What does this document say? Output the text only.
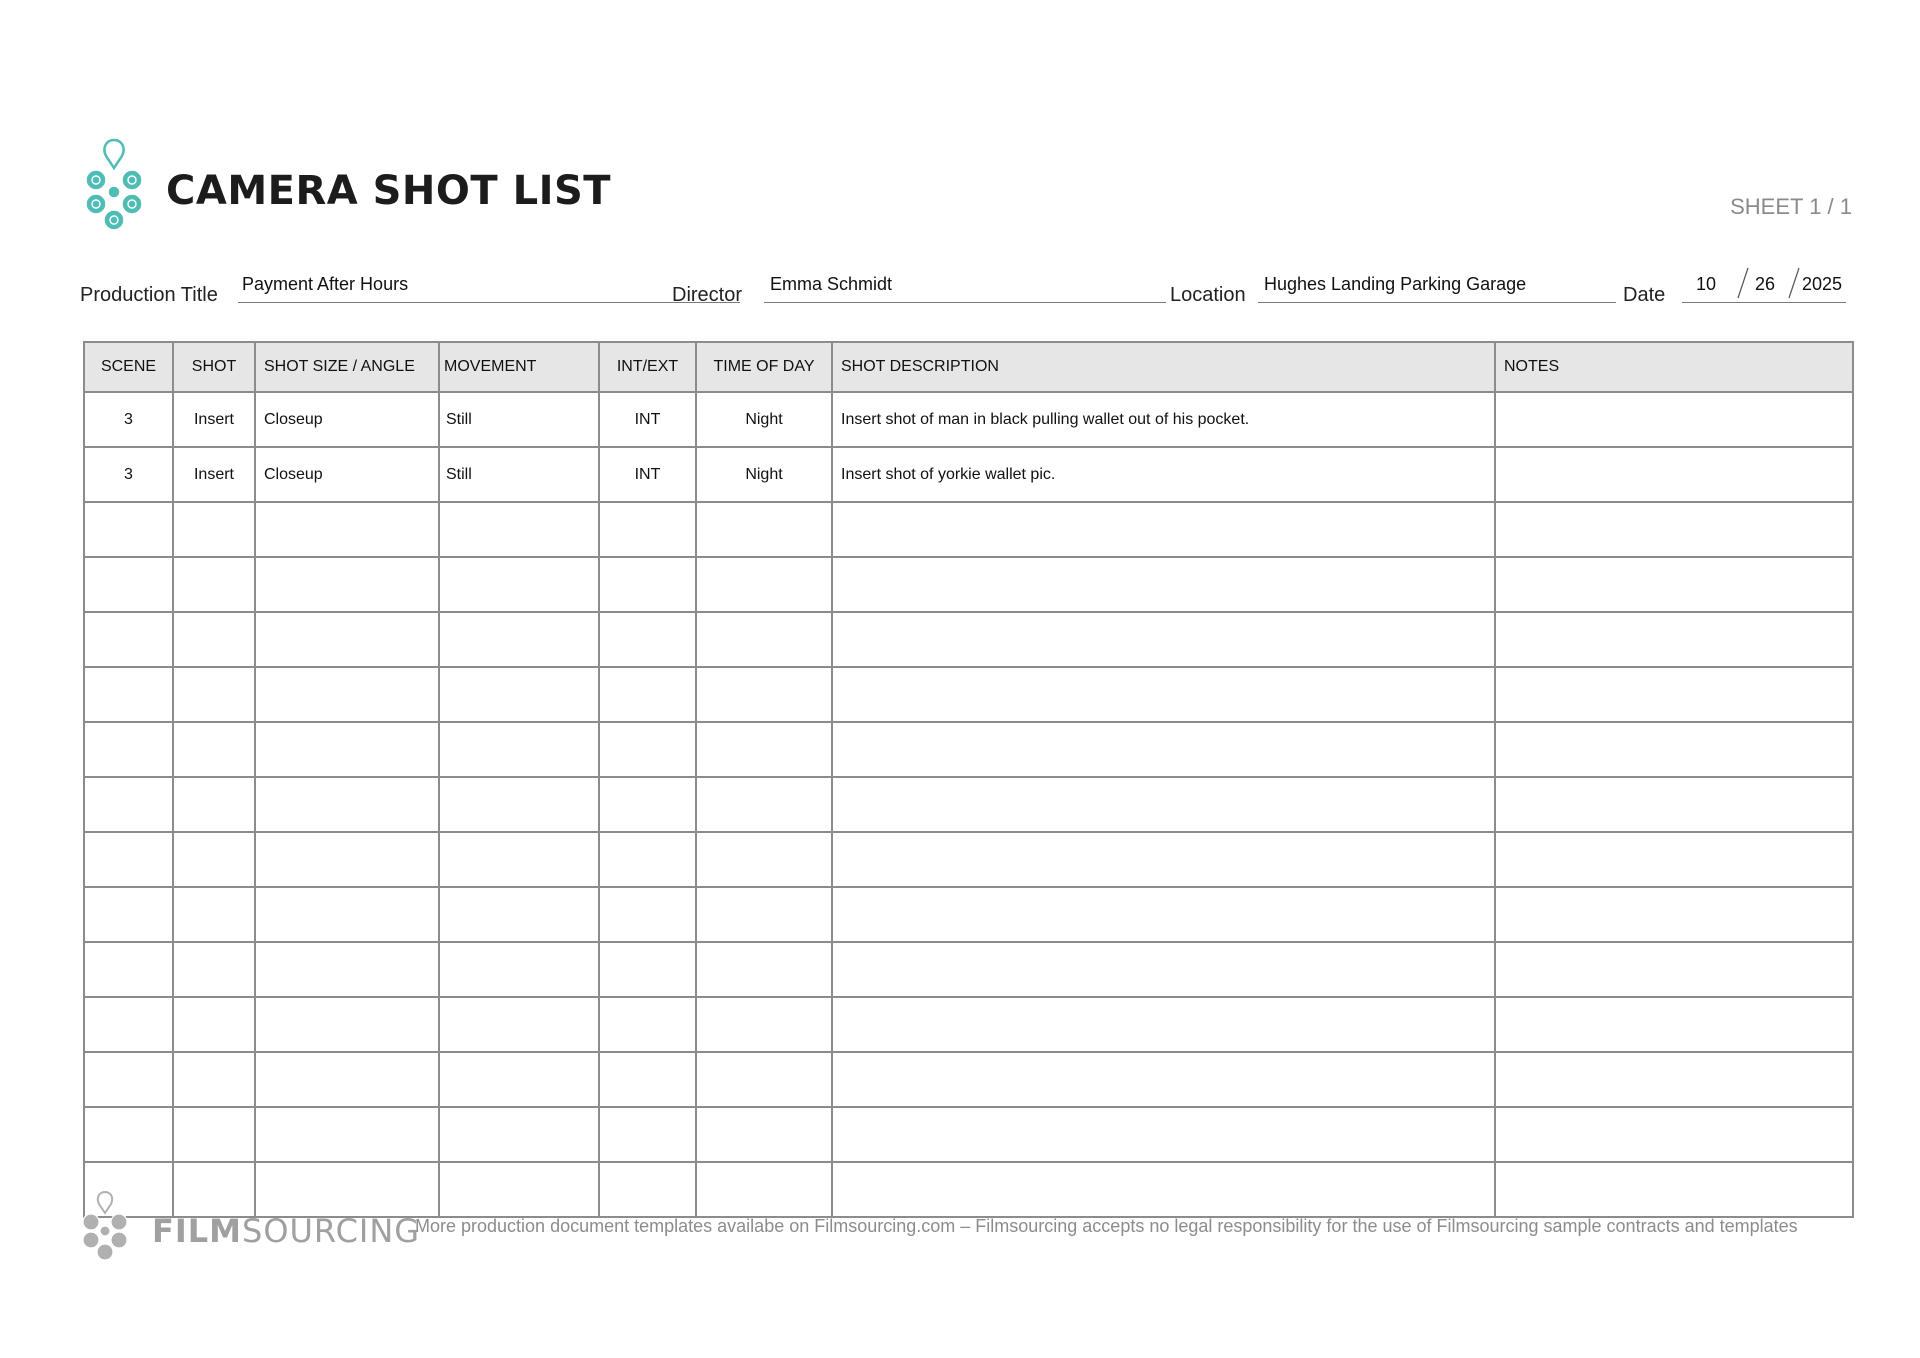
CAMERA SHOT LIST	SHEET 1 / 1
Production Title Payment After Hours	Director Emma Schmidt	Location Hughes Landing Parking Garage	Date 10 26 2025
SCENE	SHOT	SHOT SIZE / ANGLE	MOVEMENT	INT/EXT	TIME OF DAY	SHOT DESCRIPTION	NOTES
3	Insert	Closeup	Still	INT	Night	Insert shot of man in black pulling wallet out of his pocket.	
3	Insert	Closeup	Still	INT	Night	Insert shot of yorkie wallet pic.	

FILMSOURCING
More production document templates availabe on Filmsourcing.com – Filmsourcing accepts no legal responsibility for the use of Filmsourcing sample contracts and templates
